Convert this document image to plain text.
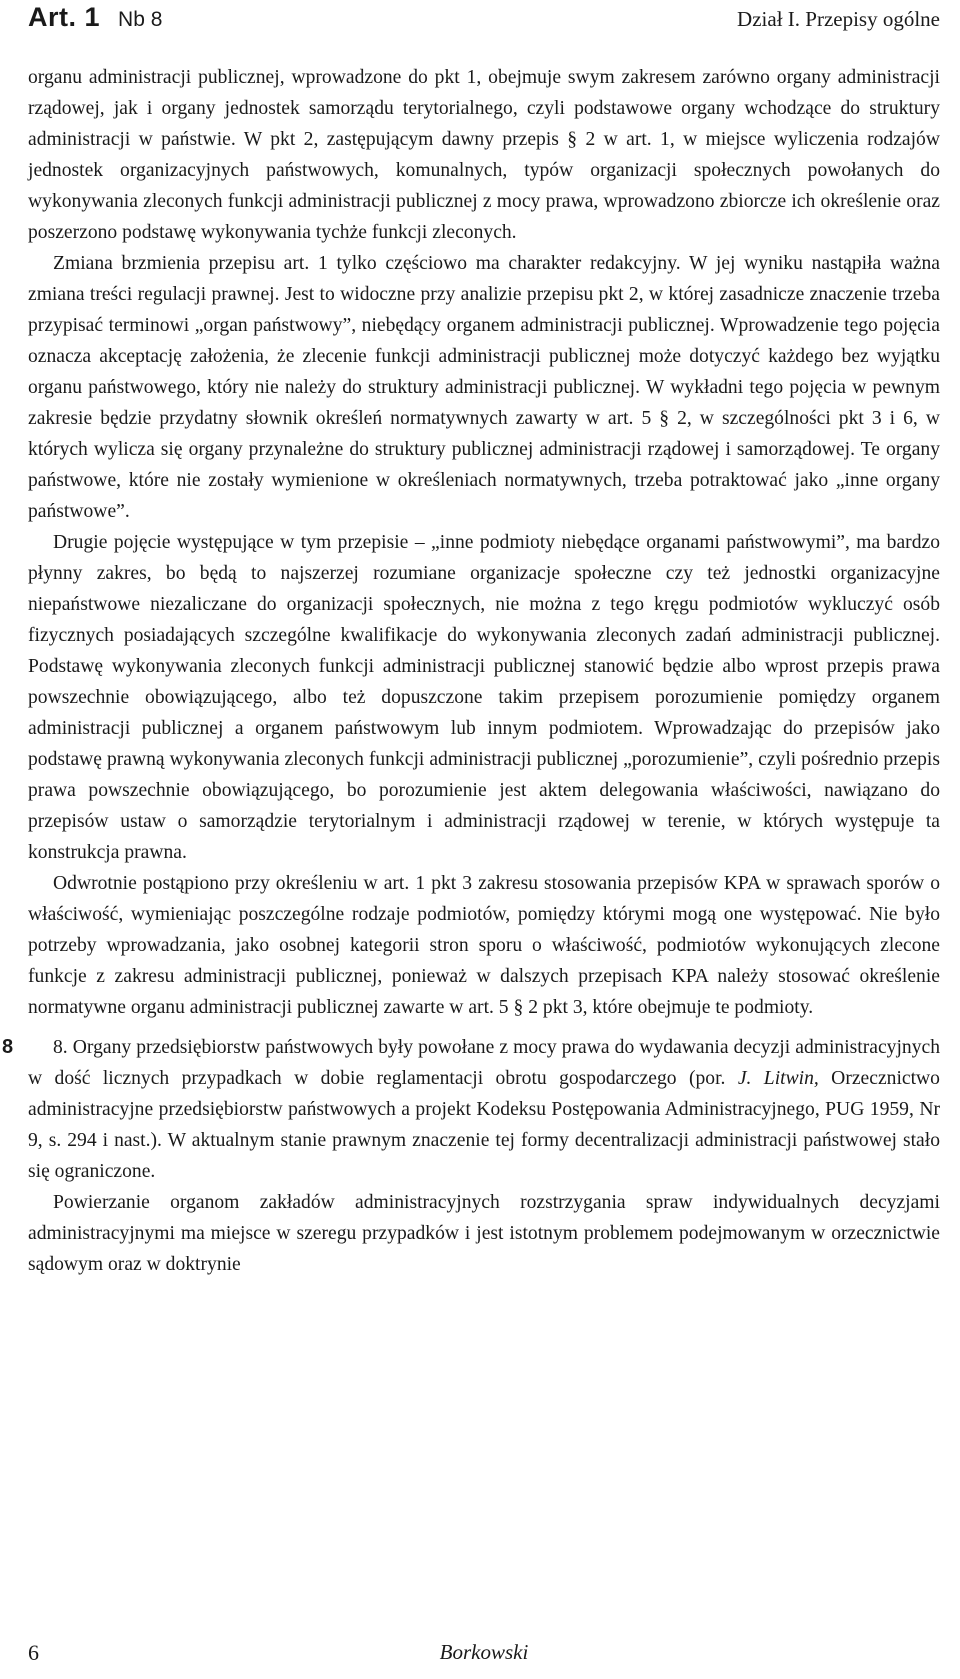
Art. 1 Nb 8	Dział I. Przepisy ogólne

organu administracji publicznej, wprowadzone do pkt 1, obejmuje swym zakresem zarówno organy administracji rządowej, jak i organy jednostek samorządu terytorialnego, czyli podstawowe organy wchodzące do struktury administracji w państwie. W pkt 2, zastępującym dawny przepis § 2 w art. 1, w miejsce wyliczenia rodzajów jednostek organizacyjnych państwowych, komunalnych, typów organizacji społecznych powołanych do wykonywania zleconych funkcji administracji publicznej z mocy prawa, wprowadzono zbiorcze ich określenie oraz poszerzono podstawę wykonywania tychże funkcji zleconych.

Zmiana brzmienia przepisu art. 1 tylko częściowo ma charakter redakcyjny. W jej wyniku nastąpiła ważna zmiana treści regulacji prawnej. Jest to widoczne przy analizie przepisu pkt 2, w której zasadnicze znaczenie trzeba przypisać terminowi „organ państwowy”, niebędący organem administracji publicznej. Wprowadzenie tego pojęcia oznacza akceptację założenia, że zlecenie funkcji administracji publicznej może dotyczyć każdego bez wyjątku organu państwowego, który nie należy do struktury administracji publicznej. W wykładni tego pojęcia w pewnym zakresie będzie przydatny słownik określeń normatywnych zawarty w art. 5 § 2, w szczególności pkt 3 i 6, w których wylicza się organy przynależne do struktury publicznej administracji rządowej i samorządowej. Te organy państwowe, które nie zostały wymienione w określeniach normatywnych, trzeba potraktować jako „inne organy państwowe”.

Drugie pojęcie występujące w tym przepisie – „inne podmioty niebędące organami państwowymi”, ma bardzo płynny zakres, bo będą to najszerzej rozumiane organizacje społeczne czy też jednostki organizacyjne niepaństwowe niezaliczane do organizacji społecznych, nie można z tego kręgu podmiotów wykluczyć osób fizycznych posiadających szczególne kwalifikacje do wykonywania zleconych zadań administracji publicznej. Podstawę wykonywania zleconych funkcji administracji publicznej stanowić będzie albo wprost przepis prawa powszechnie obowiązującego, albo też dopuszczone takim przepisem porozumienie pomiędzy organem administracji publicznej a organem państwowym lub innym podmiotem. Wprowadzając do przepisów jako podstawę prawną wykonywania zleconych funkcji administracji publicznej „porozumienie”, czyli pośrednio przepis prawa powszechnie obowiązującego, bo porozumienie jest aktem delegowania właściwości, nawiązano do przepisów ustaw o samorządzie terytorialnym i administracji rządowej w terenie, w których występuje ta konstrukcja prawna.

Odwrotnie postąpiono przy określeniu w art. 1 pkt 3 zakresu stosowania przepisów KPA w sprawach sporów o właściwość, wymieniając poszczególne rodzaje podmiotów, pomiędzy którymi mogą one występować. Nie było potrzeby wprowadzania, jako osobnej kategorii stron sporu o właściwość, podmiotów wykonujących zlecone funkcje z zakresu administracji publicznej, ponieważ w dalszych przepisach KPA należy stosować określenie normatywne organu administracji publicznej zawarte w art. 5 § 2 pkt 3, które obejmuje te podmioty.

8 8. Organy przedsiębiorstw państwowych były powołane z mocy prawa do wydawania decyzji administracyjnych w dość licznych przypadkach w dobie reglamentacji obrotu gospodarczego (por. J. Litwin, Orzecznictwo administracyjne przedsiębiorstw państwowych a projekt Kodeksu Postępowania Administracyjnego, PUG 1959, Nr 9, s. 294 i nast.). W aktualnym stanie prawnym znaczenie tej formy decentralizacji administracji państwowej stało się ograniczone.

Powierzanie organom zakładów administracyjnych rozstrzygania spraw indywidualnych decyzjami administracyjnymi ma miejsce w szeregu przypadków i jest istotnym problemem podejmowanym w orzecznictwie sądowym oraz w doktrynie

6	Borkowski
